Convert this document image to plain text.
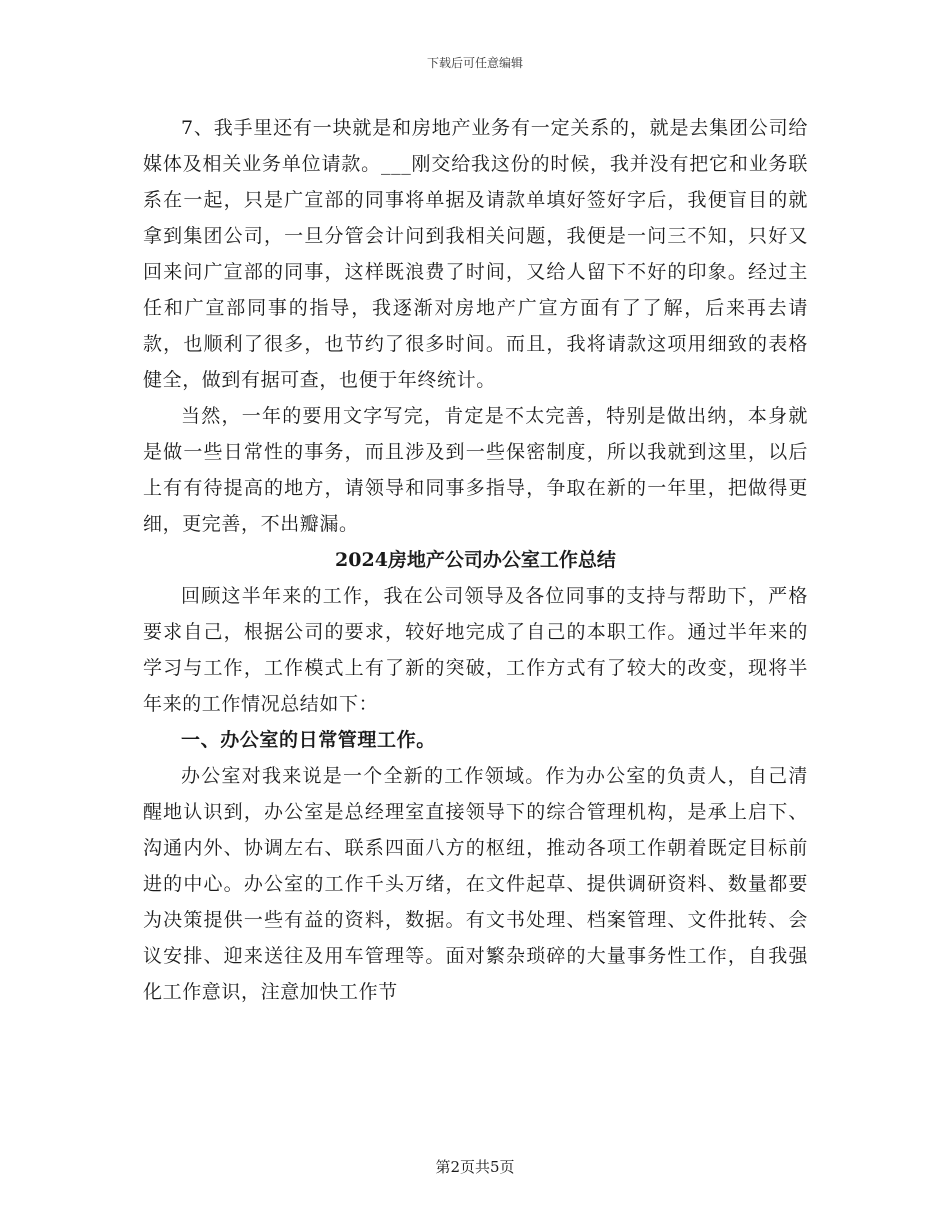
下载后可任意编辑

7、我手里还有一块就是和房地产业务有一定关系的，就是去集团公司给媒体及相关业务单位请款。___刚交给我这份的时候，我并没有把它和业务联系在一起，只是广宣部的同事将单据及请款单填好签好字后，我便盲目的就拿到集团公司，一旦分管会计问到我相关问题，我便是一问三不知，只好又回来问广宣部的同事，这样既浪费了时间，又给人留下不好的印象。经过主任和广宣部同事的指导，我逐渐对房地产广宣方面有了了解，后来再去请款，也顺利了很多，也节约了很多时间。而且，我将请款这项用细致的表格健全，做到有据可查，也便于年终统计。

当然，一年的要用文字写完，肯定是不太完善，特别是做出纳，本身就是做一些日常性的事务，而且涉及到一些保密制度，所以我就到这里，以后上有有待提高的地方，请领导和同事多指导，争取在新的一年里，把做得更细，更完善，不出瓣漏。

2024房地产公司办公室工作总结

回顾这半年来的工作，我在公司领导及各位同事的支持与帮助下，严格要求自己，根据公司的要求，较好地完成了自己的本职工作。通过半年来的学习与工作，工作模式上有了新的突破，工作方式有了较大的改变，现将半年来的工作情况总结如下：

一、办公室的日常管理工作。

办公室对我来说是一个全新的工作领域。作为办公室的负责人，自己清醒地认识到，办公室是总经理室直接领导下的综合管理机构，是承上启下、沟通内外、协调左右、联系四面八方的枢纽，推动各项工作朝着既定目标前进的中心。办公室的工作千头万绪，在文件起草、提供调研资料、数量都要为决策提供一些有益的资料，数据。有文书处理、档案管理、文件批转、会议安排、迎来送往及用车管理等。面对繁杂琐碎的大量事务性工作，自我强化工作意识，注意加快工作节

第2页共5页
